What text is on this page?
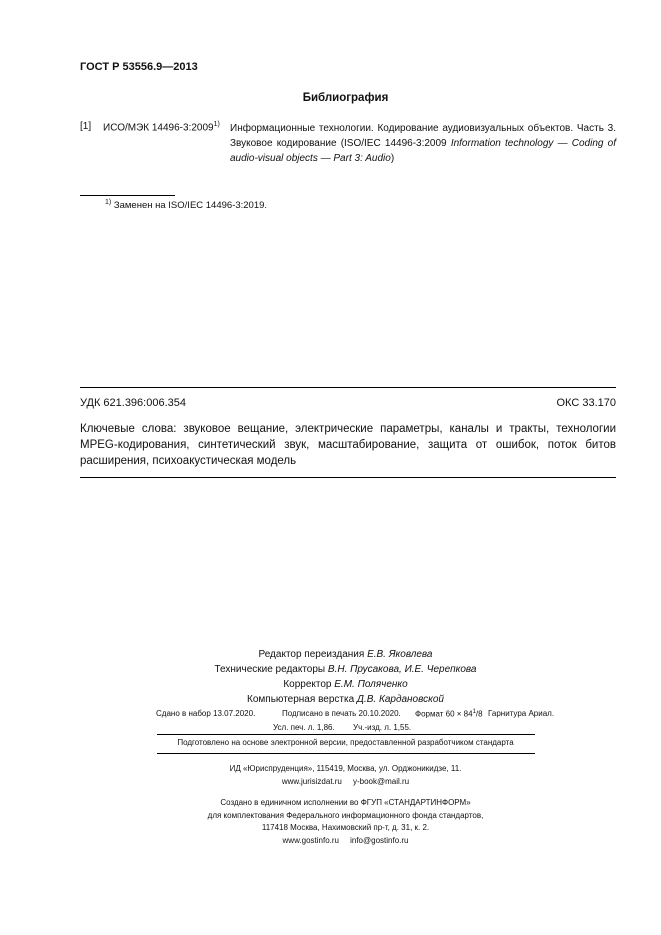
ГОСТ Р 53556.9—2013
Библиография
[1] ИСО/МЭК 14496-3:2009$^{1)}$ Информационные технологии. Кодирование аудиовизуальных объектов. Часть 3. Звуковое кодирование (ISO/IEC 14496-3:2009 Information technology — Coding of audio-visual objects — Part 3: Audio)
$^{1)}$ Заменен на ISO/IEC 14496-3:2019.
УДК 621.396:006.354	ОКС 33.170
Ключевые слова: звуковое вещание, электрические параметры, каналы и тракты, технологии MPEG-кодирования, синтетический звук, масштабирование, защита от ошибок, поток битов расширения, психоакустическая модель
Редактор переиздания Е.В. Яковлева
Технические редакторы В.Н. Прусакова, И.Е. Черепкова
Корректор Е.М. Поляченко
Компьютерная верстка Д.В. Кардановской
Сдано в набор 13.07.2020.	Подписано в печать 20.10.2020. Формат $60 \times 84^1/8$ Гарнитура Ариал.
Усл. печ. л. 1,86. Уч.-изд. л. 1,55.
Подготовлено на основе электронной версии, предоставленной разработчиком стандарта
ИД «Юриспруденция», 115419, Москва, ул. Орджоникидзе, 11.
www.jurisizdat.ru     y-book@mail.ru
Создано в единичном исполнении во ФГУП «СТАНДАРТИНФОРМ»
для комплектования Федерального информационного фонда стандартов,
117418 Москва, Нахимовский пр-т, д. 31, к. 2.
www.gostinfo.ru     info@gostinfo.ru
